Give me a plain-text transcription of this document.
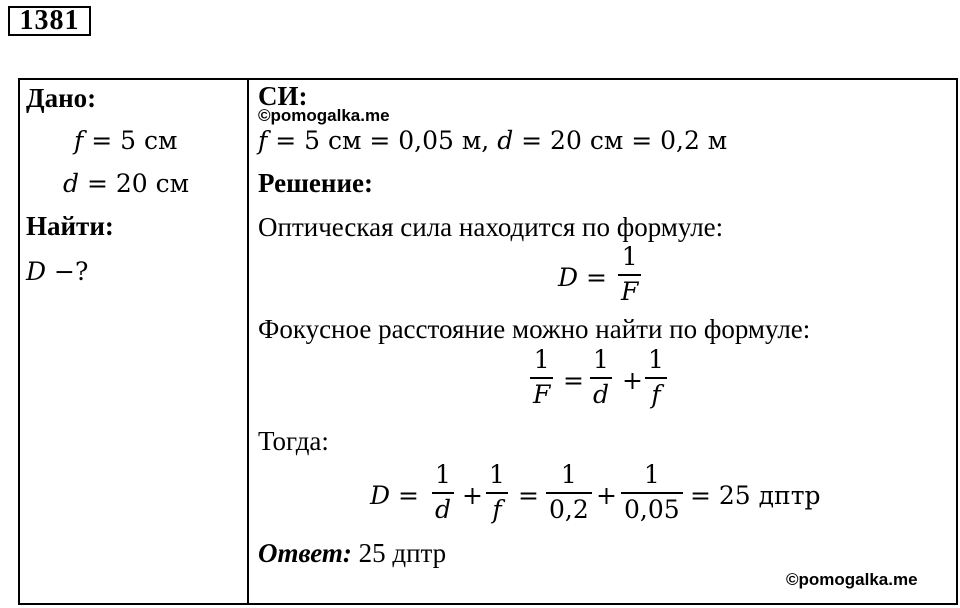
1381
Дано:
f = 5 см
d = 20 см
Найти:
D −?
СИ:
©pomogalka.me
f = 5 см = 0,05 м, d = 20 см = 0,2 м
Решение:
Оптическая сила находится по формуле:
D =
1
F
Фокусное расстояние можно найти по формуле:
1
F =
1
d +
1
f
Тогда:
D =
1
d +
1
f =
1
0,2 +
1
0,05 = 25 дптр
Ответ: 25 дптр
©pomogalka.me
